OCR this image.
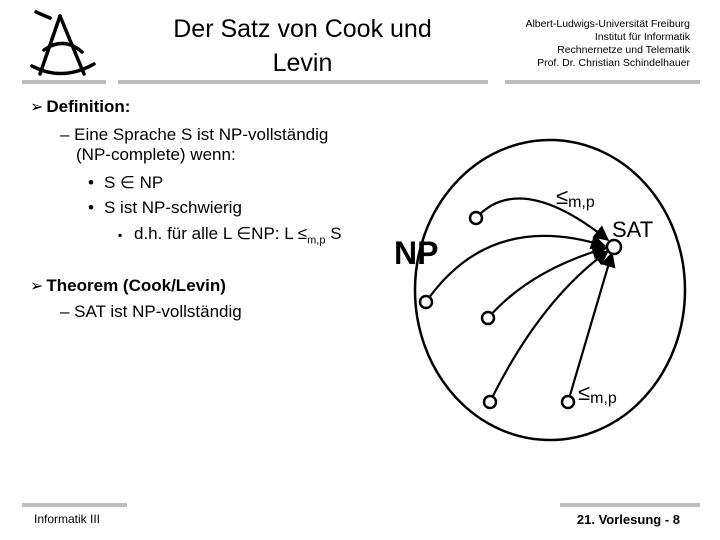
Der Satz von Cook und
Levin
Albert-Ludwigs-Universität Freiburg
Institut für Informatik
Rechnernetze und Telematik
Prof. Dr. Christian Schindelhauer
➢ Definition:
– Eine Sprache S ist NP-vollständig
(NP-complete) wenn:
• S ∈ NP
• S ist NP-schwierig
▪ d.h. für alle L ∈NP: $L \le_{m,p}$ S
➢ Theorem (Cook/Levin)
– SAT ist NP-vollständig
NP
SAT
≤m,p
≤m,p
Informatik III	21. Vorlesung - 8
